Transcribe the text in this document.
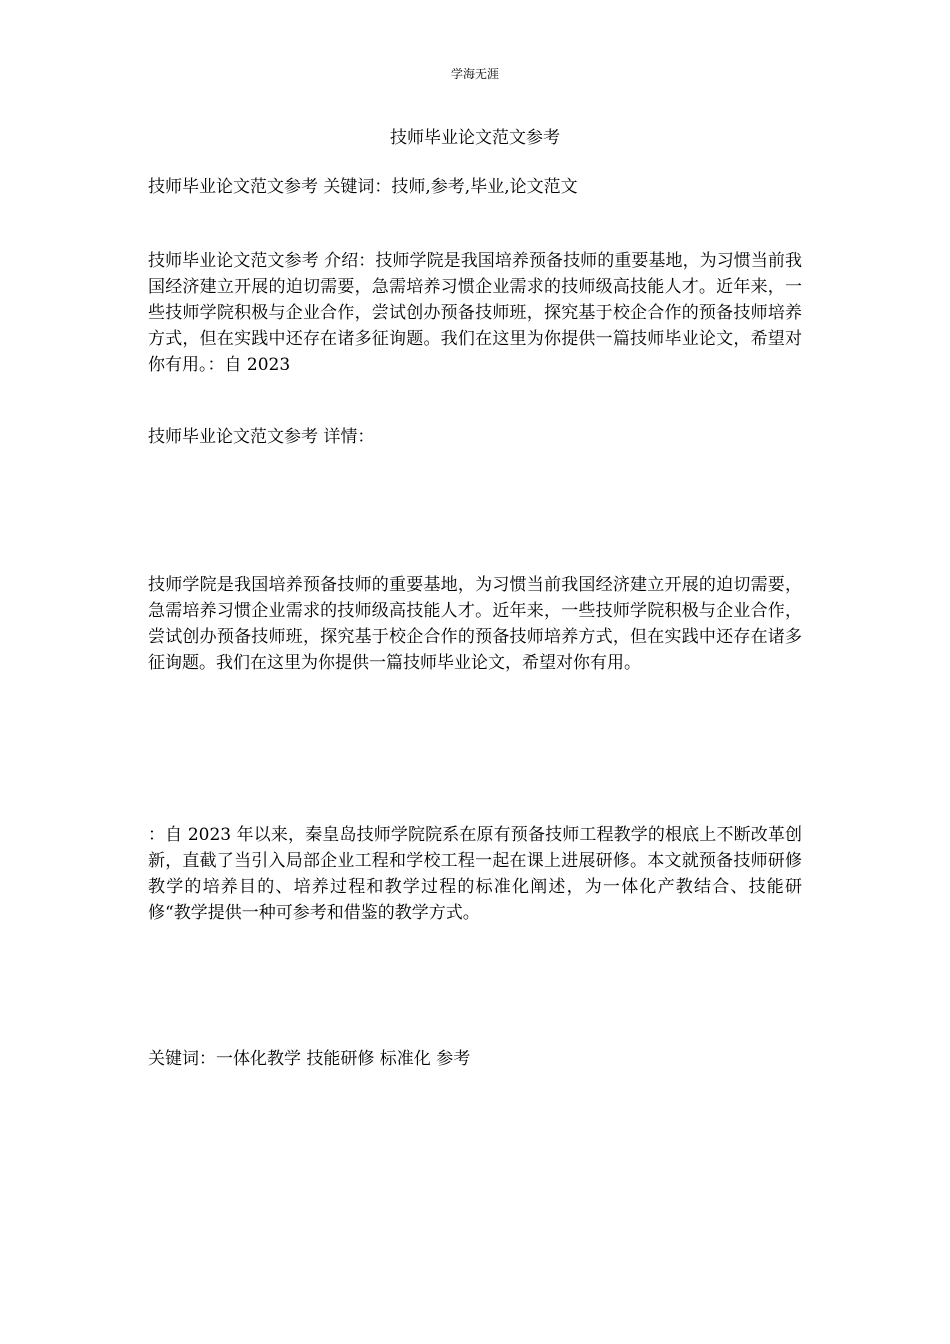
学海无涯
技师毕业论文范文参考

技师毕业论文范文参考 关键词：技师,参考,毕业,论文范文

技师毕业论文范文参考 介绍：技师学院是我国培养预备技师的重要基地，为习惯当前我国经济建立开展的迫切需要，急需培养习惯企业需求的技师级高技能人才。近年来，一些技师学院积极与企业合作，尝试创办预备技师班，探究基于校企合作的预备技师培养方式，但在实践中还存在诸多征询题。我们在这里为你提供一篇技师毕业论文，希望对你有用。：自 2023

技师毕业论文范文参考 详情：

技师学院是我国培养预备技师的重要基地，为习惯当前我国经济建立开展的迫切需要，急需培养习惯企业需求的技师级高技能人才。近年来，一些技师学院积极与企业合作，尝试创办预备技师班，探究基于校企合作的预备技师培养方式，但在实践中还存在诸多征询题。我们在这里为你提供一篇技师毕业论文，希望对你有用。

：自 2023 年以来，秦皇岛技师学院院系在原有预备技师工程教学的根底上不断改革创新，直截了当引入局部企业工程和学校工程一起在课上进展研修。本文就预备技师研修教学的培养目的、培养过程和教学过程的标准化阐述，为一体化产教结合、技能研修“教学提供一种可参考和借鉴的教学方式。

关键词：一体化教学 技能研修 标准化 参考
